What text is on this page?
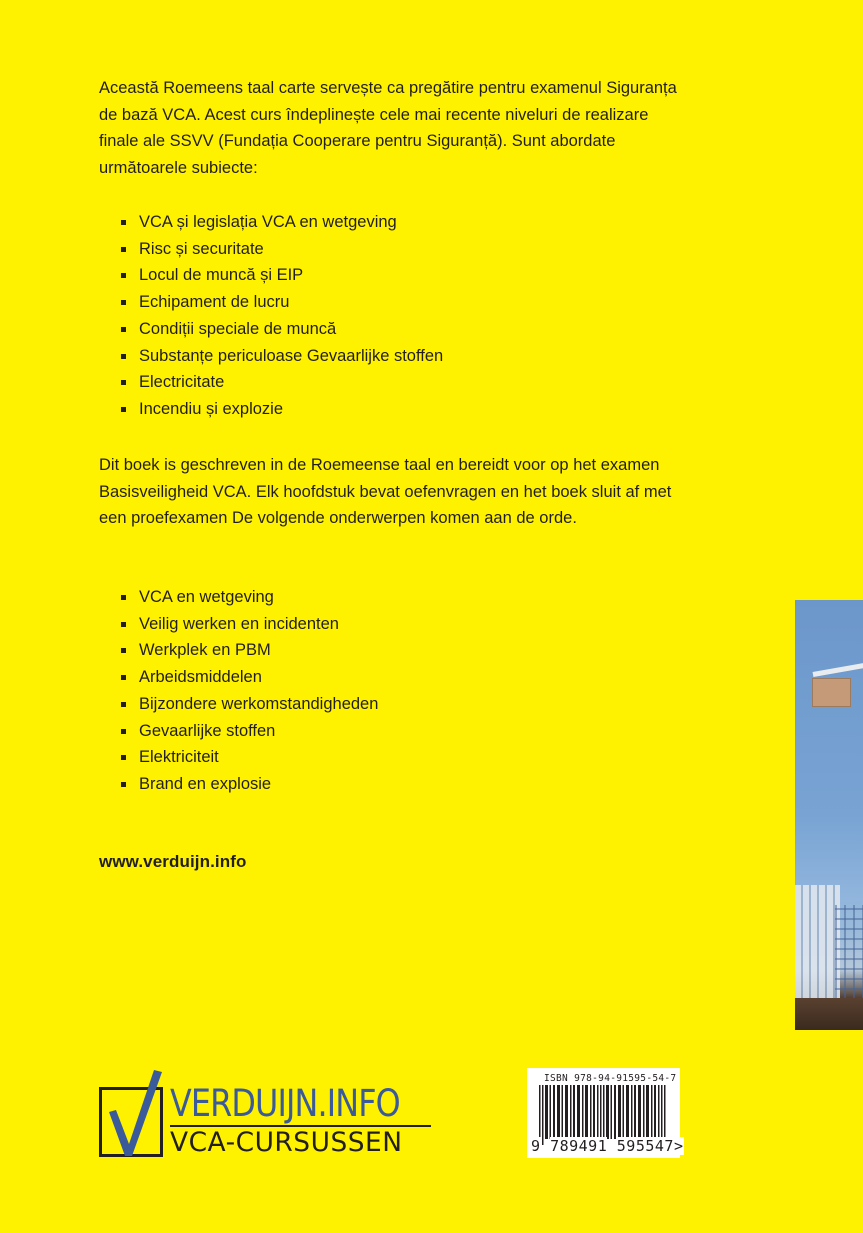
Această Roemeens taal carte servește ca pregătire pentru examenul Siguranța de bază VCA. Acest curs îndeplinește cele mai recente niveluri de realizare finale ale SSVV (Fundația Cooperare pentru Siguranță). Sunt abordate următoarele subiecte:

VCA și legislația VCA en wetgeving
Risc și securitate
Locul de muncă și EIP
Echipament de lucru
Condiții speciale de muncă
Substanțe periculoase Gevaarlijke stoffen
Electricitate
Incendiu și explozie

Dit boek is geschreven in de Roemeense taal en bereidt voor op het examen Basisveiligheid VCA. Elk hoofdstuk bevat oefenvragen en het boek sluit af met een proefexamen De volgende onderwerpen komen aan de orde.

VCA en wetgeving
Veilig werken en incidenten
Werkplek en PBM
Arbeidsmiddelen
Bijzondere werkomstandigheden
Gevaarlijke stoffen
Elektriciteit
Brand en explosie
www.verduijn.info
VERDUIJN.INFO
VCA-CURSUSSEN
ISBN 978-94-91595-54-7
9 789491 595547>
